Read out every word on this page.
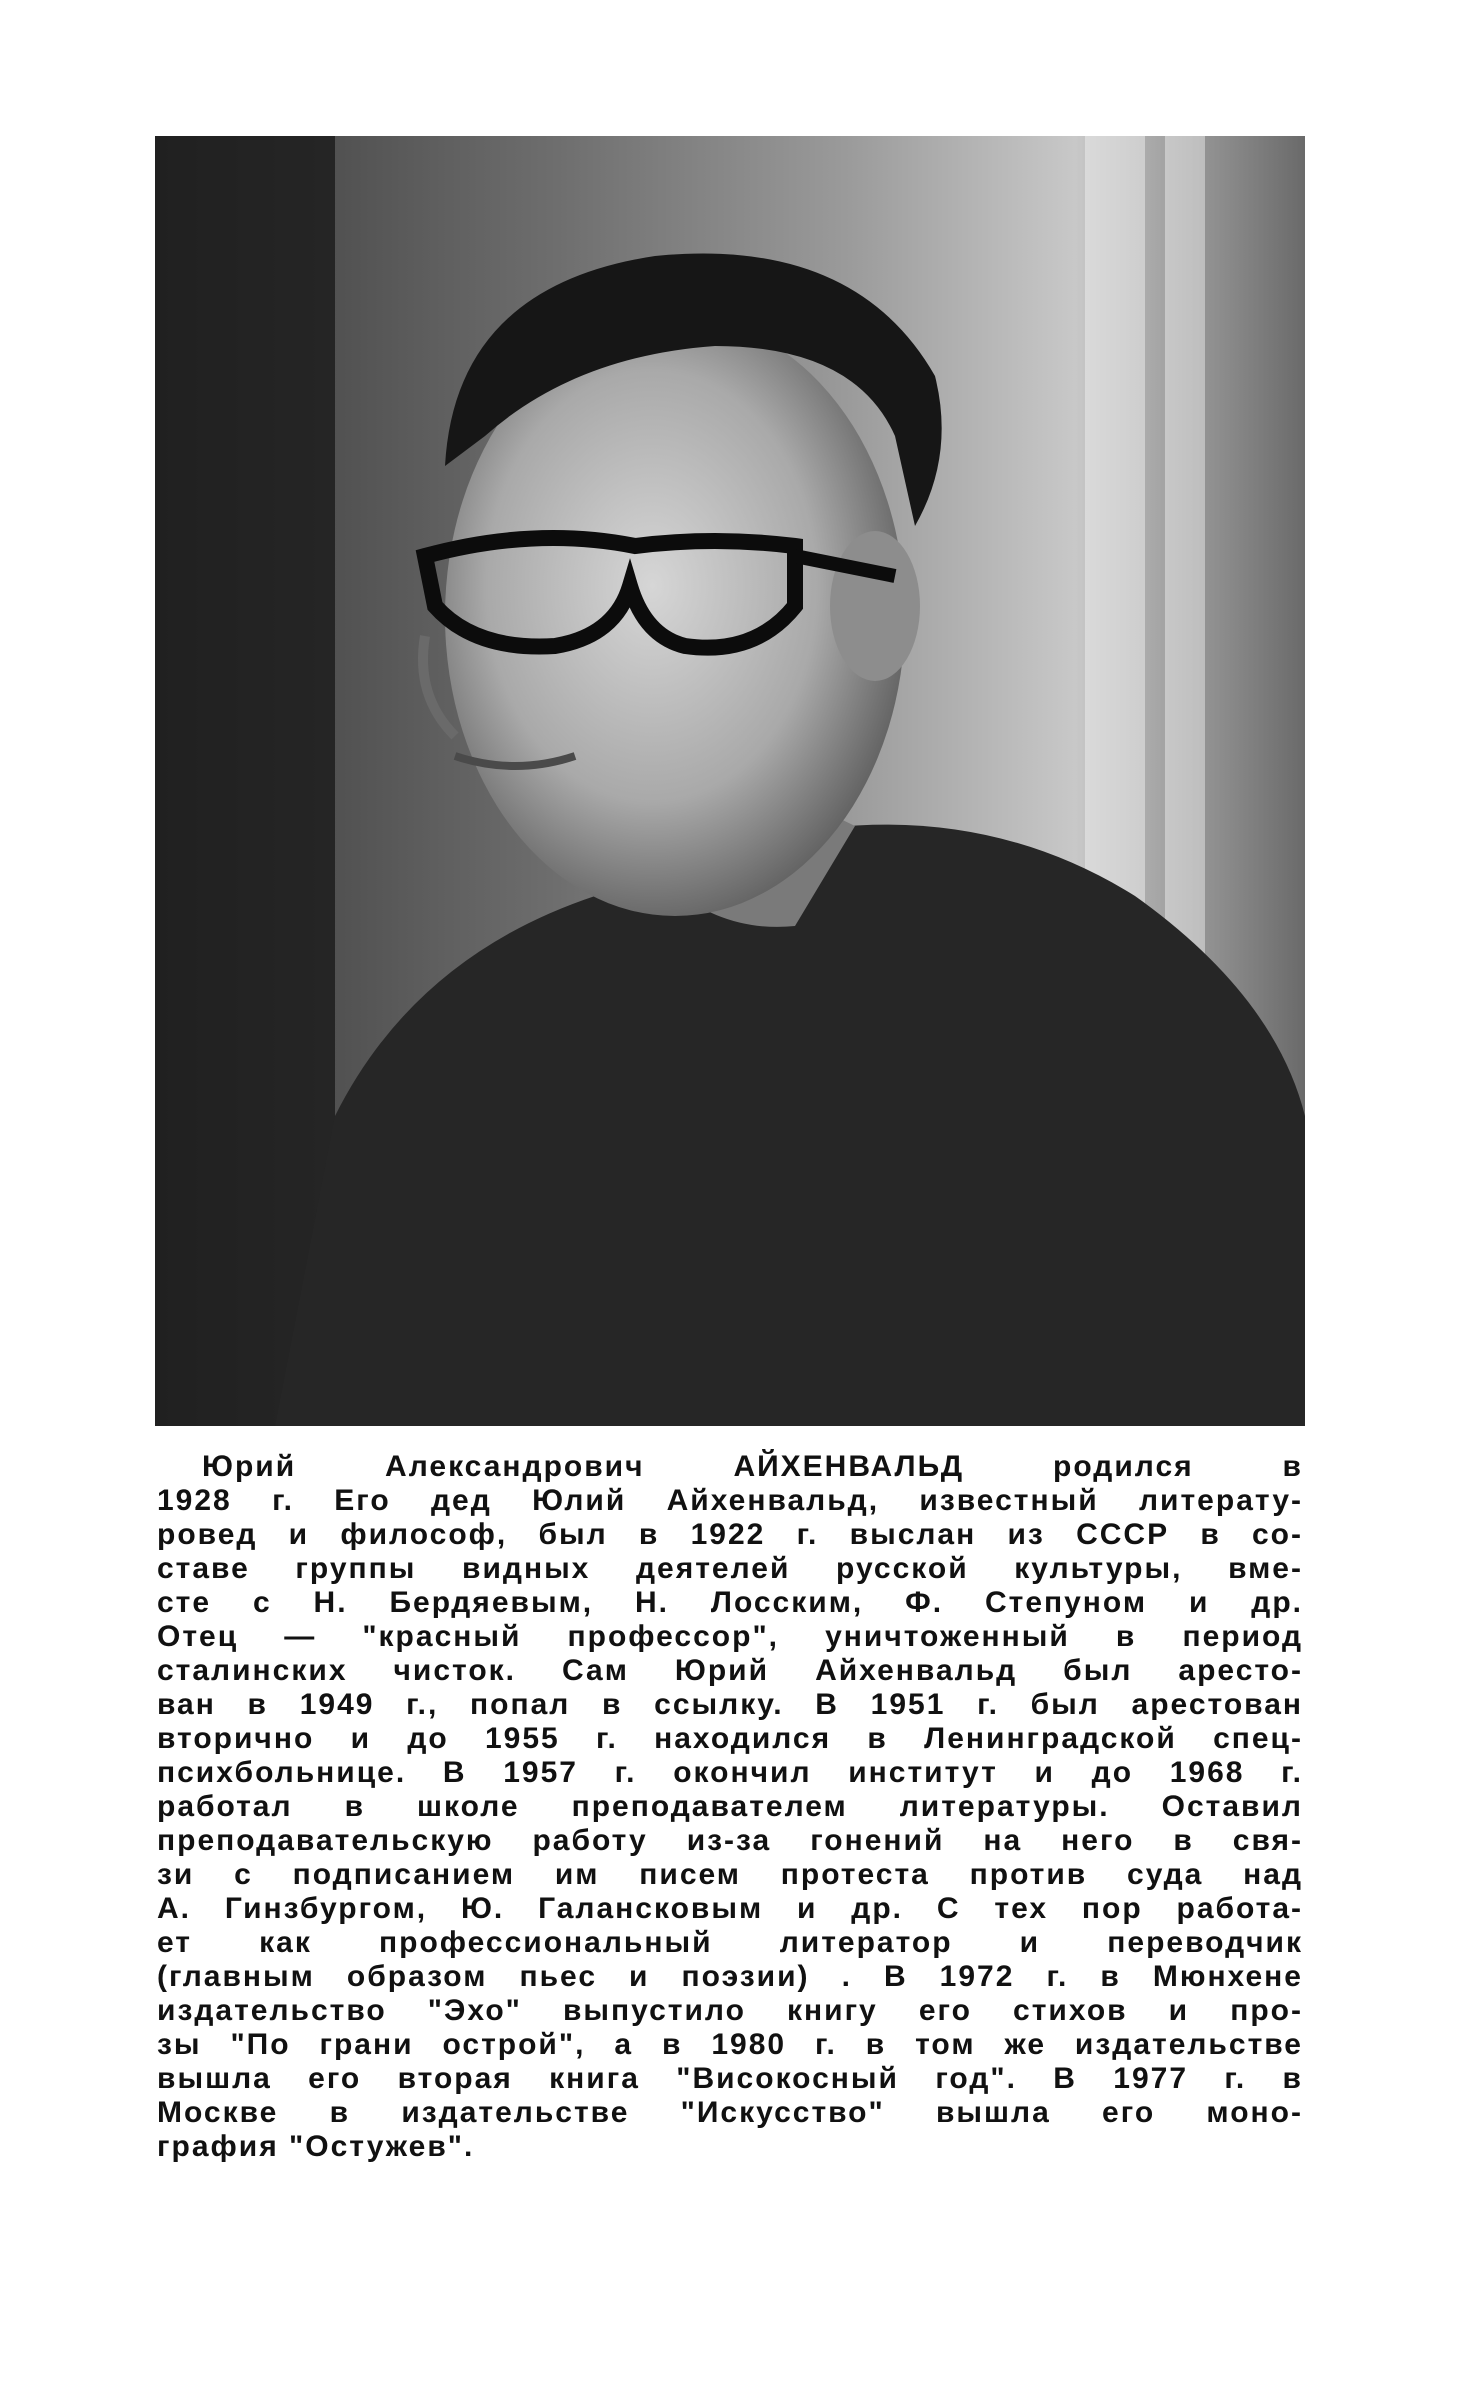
Юрий Александрович АЙХЕНВАЛЬД родился в
1928 г. Его дед Юлий Айхенвальд, известный литерату-
ровед и философ, был в 1922 г. выслан из СССР в со-
ставе группы видных деятелей русской культуры, вме-
сте с Н. Бердяевым, Н. Лосским, Ф. Степуном и др.
Отец — "красный профессор", уничтоженный в период
сталинских чисток. Сам Юрий Айхенвальд был аресто-
ван в 1949 г., попал в ссылку. В 1951 г. был арестован
вторично и до 1955 г. находился в Ленинградской спец-
психбольнице. В 1957 г. окончил институт и до 1968 г.
работал в школе преподавателем литературы. Оставил
преподавательскую работу из-за гонений на него в свя-
зи с подписанием им писем протеста против суда над
А. Гинзбургом, Ю. Галансковым и др. С тех пор работа-
ет как профессиональный литератор и переводчик
(главным образом пьес и поэзии) . В 1972 г. в Мюнхене
издательство "Эхо" выпустило книгу его стихов и про-
зы "По грани острой", а в 1980 г. в том же издательстве
вышла его вторая книга "Високосный год". В 1977 г. в
Москве в издательстве "Искусство" вышла его моно-
графия "Остужев".
